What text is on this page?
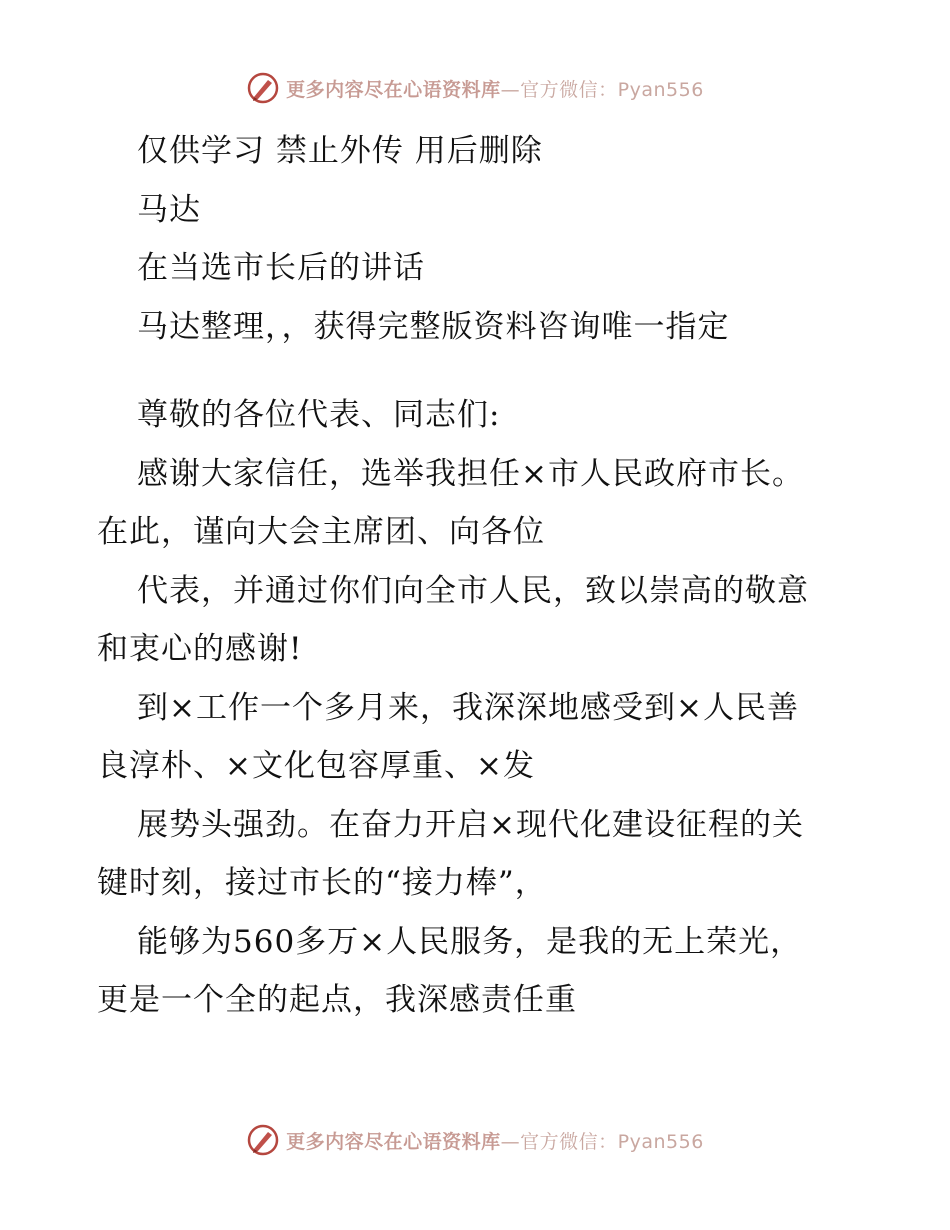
更多内容尽在心语资料库—官方微信：Pyan556
仅供学习 禁止外传 用后删除
马达
在当选市长后的讲话
马达整理，，获得完整版资料咨询唯一指定
尊敬的各位代表、同志们:
感谢大家信任，选举我担任×市人民政府市长。
在此，谨向大会主席团、向各位
代表，并通过你们向全市人民，致以崇高的敬意
和衷心的感谢!
到×工作一个多月来，我深深地感受到×人民善
良淳朴、×文化包容厚重、×发
展势头强劲。在奋力开启×现代化建设征程的关
键时刻，接过市长的“接力棒”，
能够为560多万×人民服务，是我的无上荣光，
更是一个全的起点，我深感责任重
更多内容尽在心语资料库—官方微信：Pyan556
